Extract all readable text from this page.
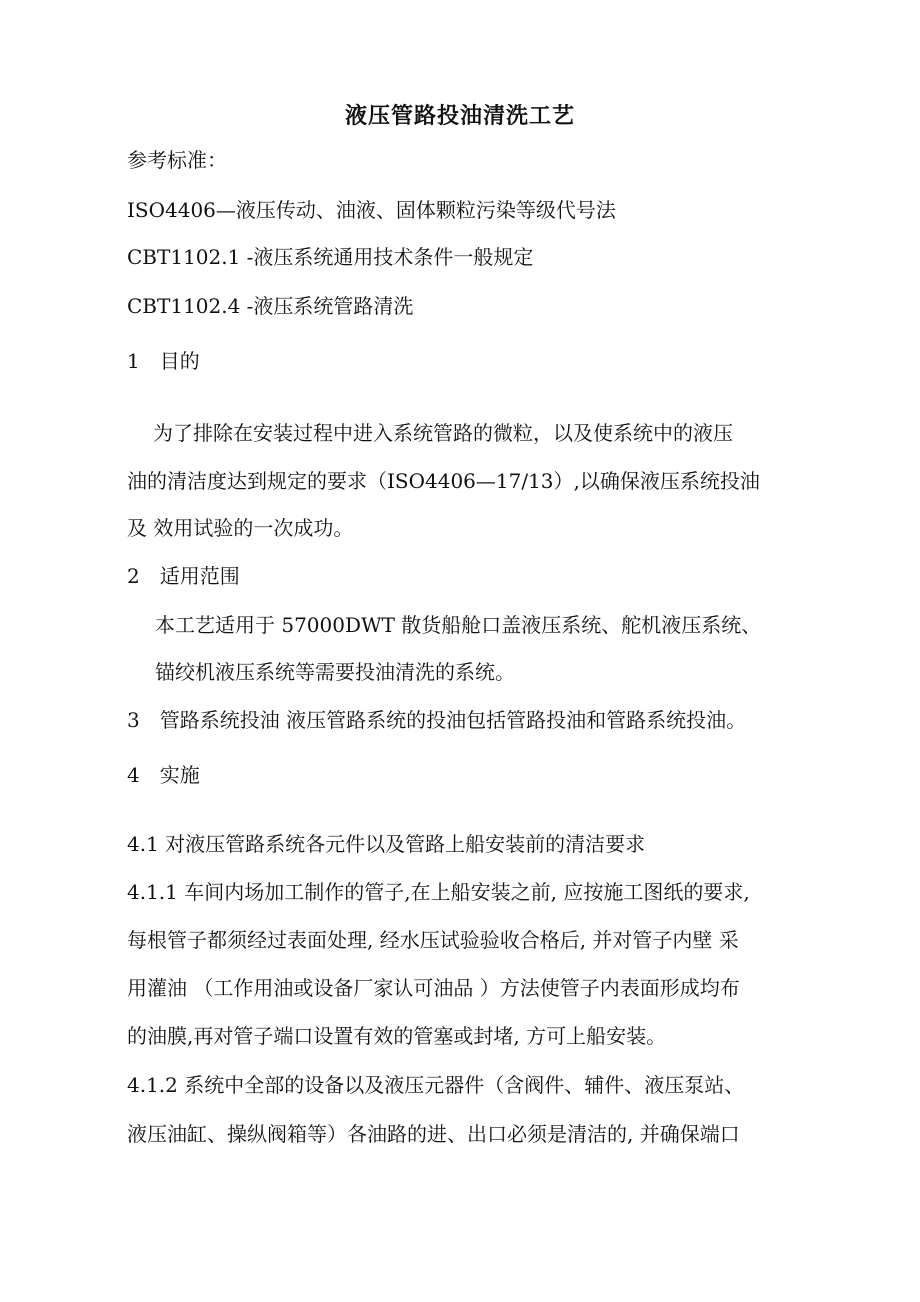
液压管路投油清洗工艺
参考标准：
ISO4406—液压传动、油液、固体颗粒污染等级代号法
CBT1102.1 -液压系统通用技术条件一般规定
CBT1102.4 -液压系统管路清洗
1　目的
为了排除在安装过程中进入系统管路的微粒，以及使系统中的液压
油的清洁度达到规定的要求（ISO4406—17/13）,以确保液压系统投油
及 效用试验的一次成功。
2　适用范围
本工艺适用于 57000DWT 散货船舱口盖液压系统、舵机液压系统、
锚绞机液压系统等需要投油清洗的系统。
3　管路系统投油 液压管路系统的投油包括管路投油和管路系统投油。
4　实施
4.1 对液压管路系统各元件以及管路上船安装前的清洁要求
4.1.1 车间内场加工制作的管子,在上船安装之前, 应按施工图纸的要求,
每根管子都须经过表面处理, 经水压试验验收合格后, 并对管子内壁 采
用灌油 （工作用油或设备厂家认可油品 ）方法使管子内表面形成均布
的油膜,再对管子端口设置有效的管塞或封堵, 方可上船安装。
4.1.2 系统中全部的设备以及液压元器件（含阀件、辅件、液压泵站、
液压油缸、操纵阀箱等）各油路的进、出口必须是清洁的, 并确保端口
